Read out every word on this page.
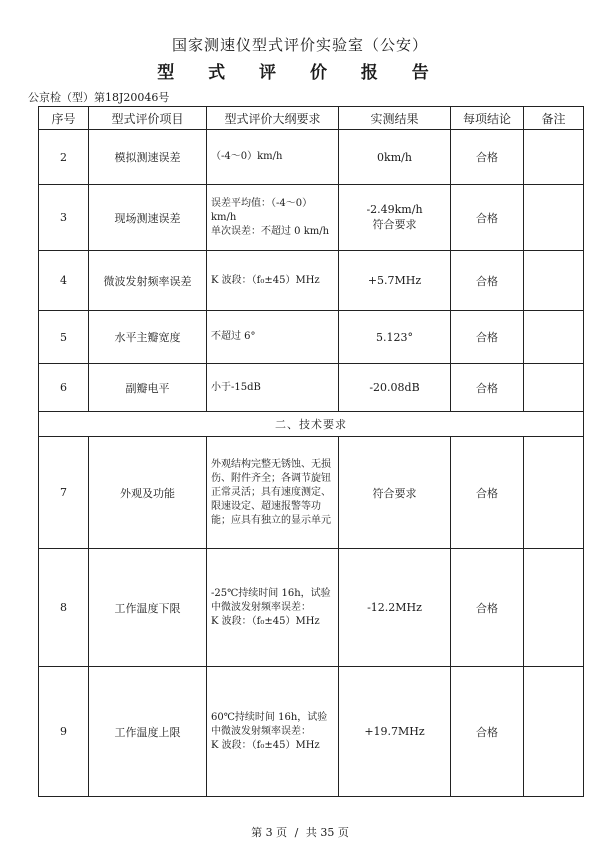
国家测速仪型式评价实验室（公安）
型 式 评 价 报 告
公京检（型）第18J20046号
序号	型式评价项目	型式评价大纲要求	实测结果	每项结论	备注
2	模拟测速误差	（-4～0）km/h	0km/h	合格	
3	现场测速误差	误差平均值：（-4～0）km/h
单次误差：不超过 0 km/h	-2.49km/h
符合要求	合格	
4	微波发射频率误差	K 波段：（f₀±45）MHz	+5.7MHz	合格	
5	水平主瓣宽度	不超过 6°	5.123°	合格	
6	副瓣电平	小于-15dB	-20.08dB	合格	
二、技术要求					
7	外观及功能	外观结构完整无锈蚀、无损伤、附件齐全；各调节旋钮正常灵活；具有速度测定、限速设定、超速报警等功能；应具有独立的显示单元	符合要求	合格	
8	工作温度下限	-25℃持续时间 16h，试验中微波发射频率误差：
K 波段：（f₀±45）MHz	-12.2MHz	合格	
9	工作温度上限	60℃持续时间 16h，试验中微波发射频率误差：
K 波段：（f₀±45）MHz	+19.7MHz	合格	
第 3 页 / 共 35 页
